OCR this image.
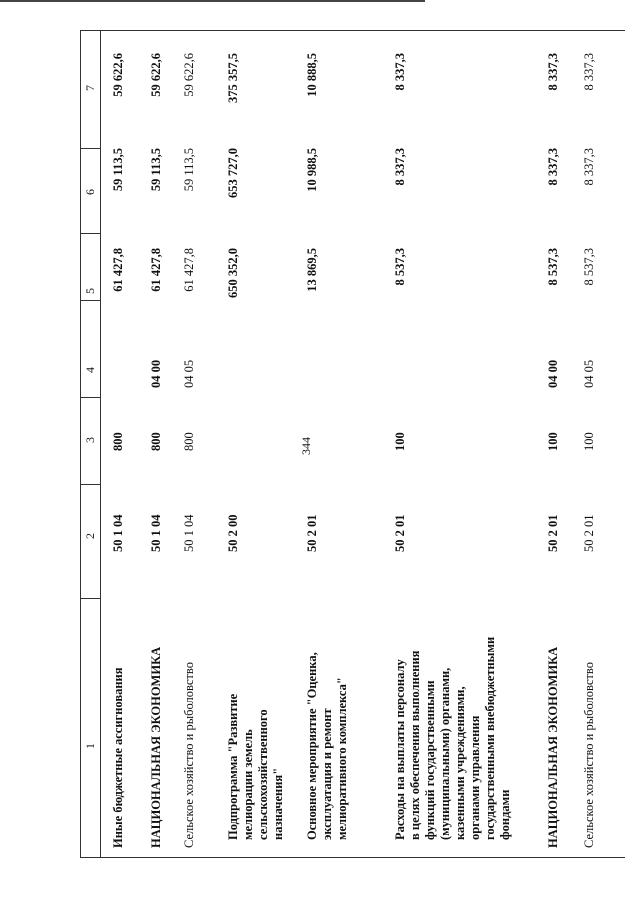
344
1
2
3
4
5
6
7
Иные бюджетные ассигнования
50 1 04
800
61 427,8
59 113,5
59 622,6
НАЦИОНАЛЬНАЯ ЭКОНОМИКА
50 1 04
800
04 00
61 427,8
59 113,5
59 622,6
Сельское хозяйство и рыболовство
50 1 04
800
04 05
61 427,8
59 113,5
59 622,6
Подпрограмма "Развитие мелиорации земель сельскохозяйственного назначения"
50 2 00
650 352,0
653 727,0
375 357,5
Основное мероприятие "Оценка, эксплуатация и ремонт мелиоративного комплекса"
50 2 01
13 869,5
10 988,5
10 888,5
Расходы на выплаты персоналу в целях обеспечения выполнения функций государственными (муниципальными) органами, казенными учреждениями, органами управления государственными внебюджетными фондами
50 2 01
100
8 537,3
8 337,3
8 337,3
НАЦИОНАЛЬНАЯ ЭКОНОМИКА
50 2 01
100
04 00
8 537,3
8 337,3
8 337,3
Сельское хозяйство и рыболовство
50 2 01
100
04 05
8 537,3
8 337,3
8 337,3
